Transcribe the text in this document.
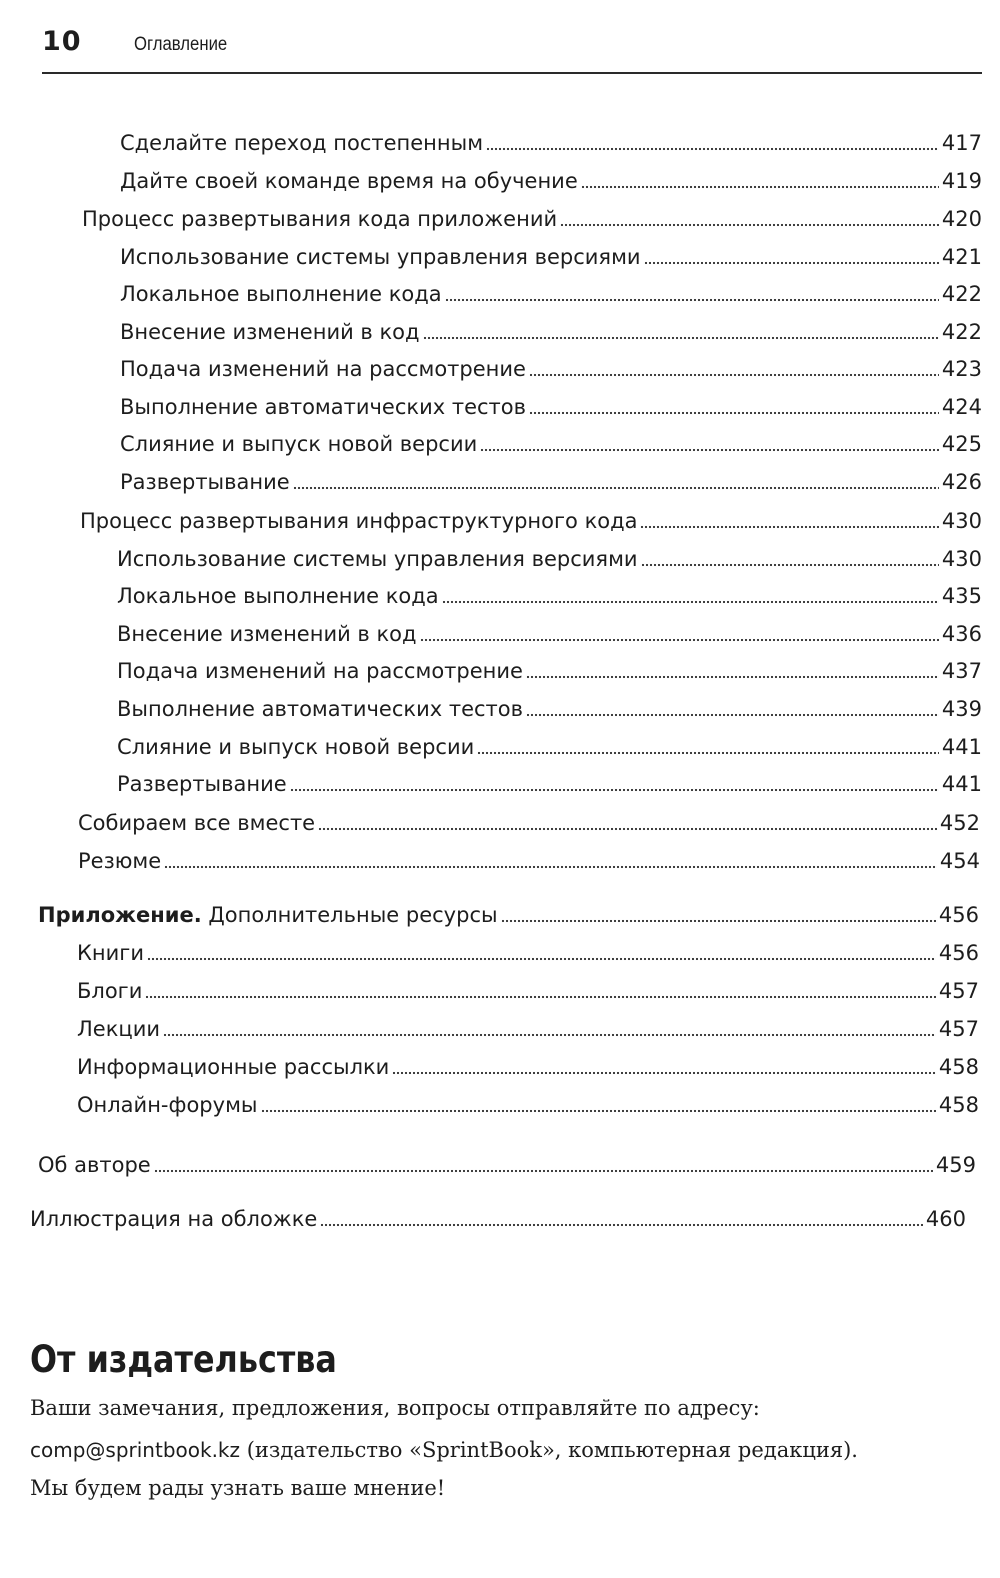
10	Оглавление
Сделайте переход постепенным	417
Дайте своей команде время на обучение	419
Процесс развертывания кода приложений	420
Использование системы управления версиями	421
Локальное выполнение кода	422
Внесение изменений в код	422
Подача изменений на рассмотрение	423
Выполнение автоматических тестов	424
Слияние и выпуск новой версии	425
Развертывание	426
Процесс развертывания инфраструктурного кода	430
Использование системы управления версиями	430
Локальное выполнение кода	435
Внесение изменений в код	436
Подача изменений на рассмотрение	437
Выполнение автоматических тестов	439
Слияние и выпуск новой версии	441
Развертывание	441
Собираем все вместе	452
Резюме	454
Приложение. Дополнительные ресурсы	456
Книги	456
Блоги	457
Лекции	457
Информационные рассылки	458
Онлайн-форумы	458
Об авторе	459
Иллюстрация на обложке	460
От издательства
Ваши замечания, предложения, вопросы отправляйте по адресу:
comp@sprintbook.kz (издательство «SprintBook», компьютерная редакция).
Мы будем рады узнать ваше мнение!
